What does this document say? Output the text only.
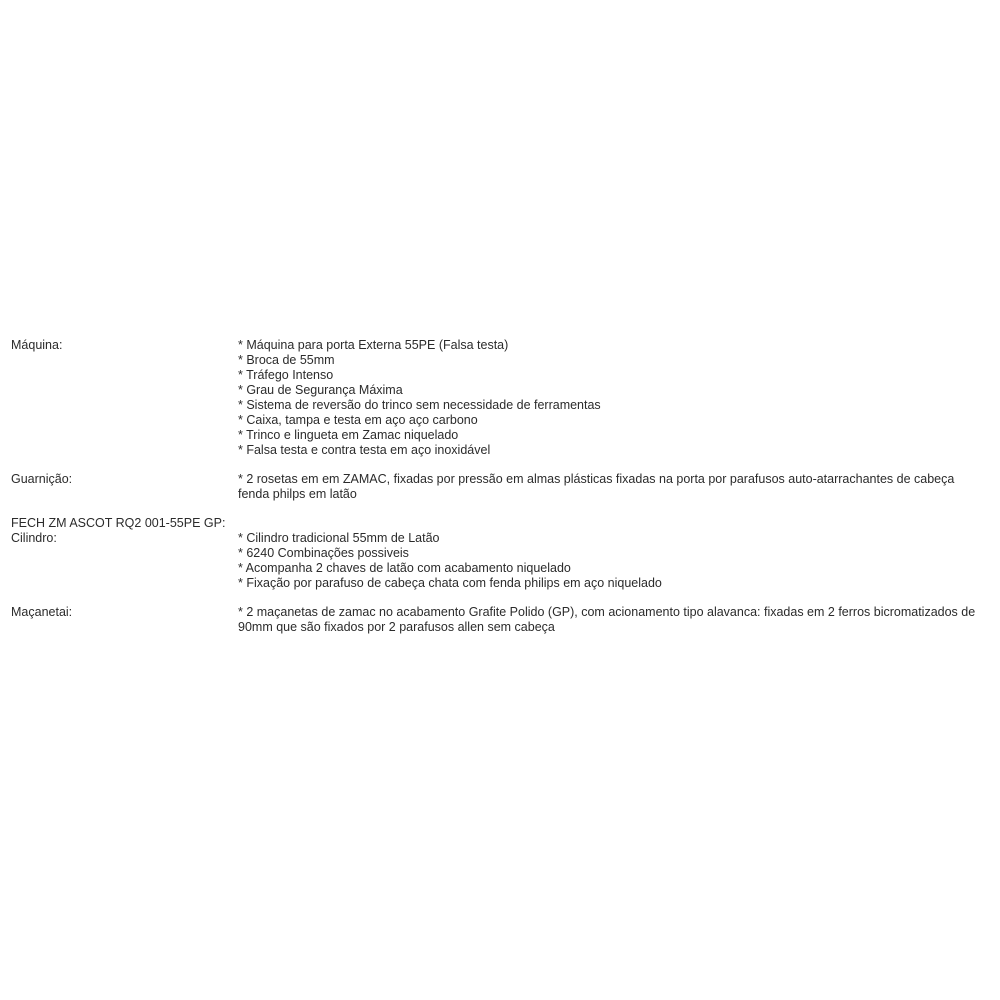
Máquina:	* Máquina para porta Externa 55PE (Falsa testa)
* Broca de 55mm
* Tráfego Intenso
* Grau de Segurança Máxima
* Sistema de reversão do trinco sem necessidade de ferramentas
* Caixa, tampa e testa em aço aço carbono
* Trinco e lingueta em Zamac niquelado
* Falsa testa e contra testa em aço inoxidável
Guarnição:	* 2 rosetas em em ZAMAC, fixadas por pressão em almas plásticas fixadas na porta por parafusos auto-atarrachantes de cabeça fenda philps em latão
FECH ZM ASCOT RQ2 001-55PE GP:
Cilindro:	* Cilindro tradicional 55mm de Latão
* 6240 Combinações possiveis
* Acompanha 2 chaves de latão com acabamento niquelado
* Fixação por parafuso de cabeça chata com fenda philips em aço niquelado
Maçanetai:	* 2 maçanetas de zamac no acabamento Grafite Polido (GP), com acionamento tipo alavanca: fixadas em 2 ferros bicromatizados de 90mm que são fixados por 2 parafusos allen sem cabeça
